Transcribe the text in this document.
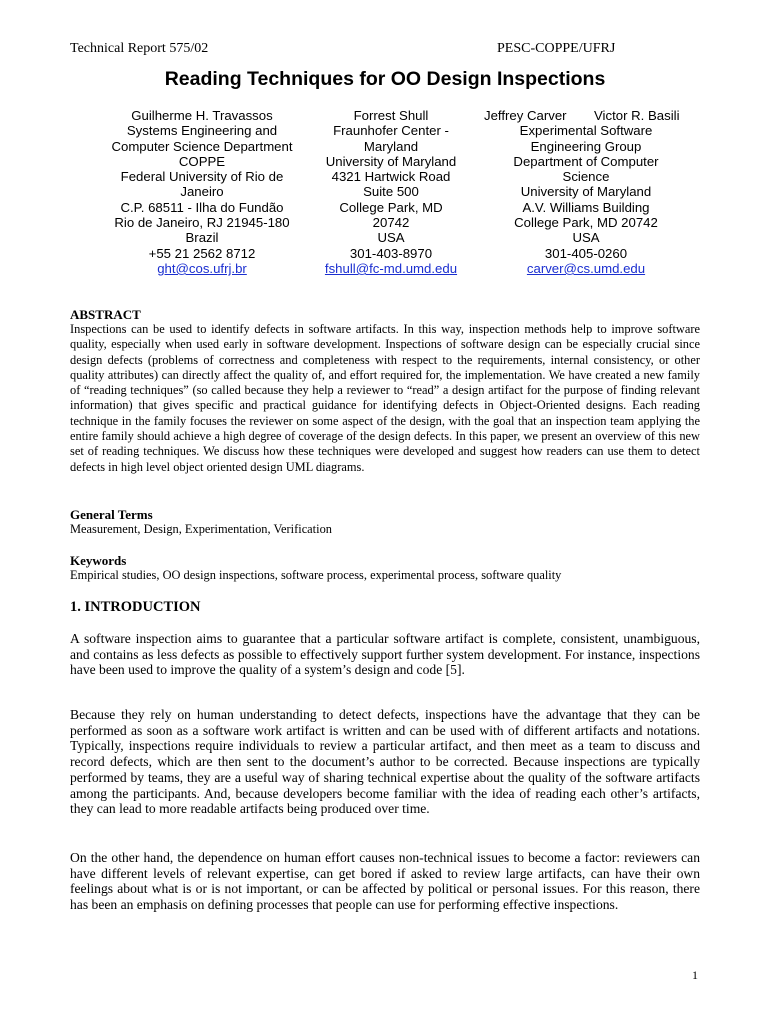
Technical Report 575/02	PESC-COPPE/UFRJ
Reading Techniques for OO Design Inspections
Guilherme H. Travassos
Systems Engineering and
Computer Science Department
COPPE
Federal University of Rio de
Janeiro
C.P. 68511 - Ilha do Fundão
Rio de Janeiro, RJ 21945-180
Brazil
+55 21 2562 8712
ght@cos.ufrj.br
Forrest Shull
Fraunhofer Center -
Maryland
University of Maryland
4321 Hartwick Road
Suite 500
College Park, MD
20742
USA
301-403-8970
fshull@fc-md.umd.edu
Jeffrey Carver Victor R. Basili
Experimental Software
Engineering Group
Department of Computer
Science
University of Maryland
A.V. Williams Building
College Park, MD 20742
USA
301-405-0260
carver@cs.umd.edu
ABSTRACT
Inspections can be used to identify defects in software artifacts. In this way, inspection methods help to improve software quality, especially when used early in software development. Inspections of software design can be especially crucial since design defects (problems of correctness and completeness with respect to the requirements, internal consistency, or other quality attributes) can directly affect the quality of, and effort required for, the implementation. We have created a new family of “reading techniques” (so called because they help a reviewer to “read” a design artifact for the purpose of finding relevant information) that gives specific and practical guidance for identifying defects in Object-Oriented designs. Each reading technique in the family focuses the reviewer on some aspect of the design, with the goal that an inspection team applying the entire family should achieve a high degree of coverage of the design defects. In this paper, we present an overview of this new set of reading techniques. We discuss how these techniques were developed and suggest how readers can use them to detect defects in high level object oriented design UML diagrams.
General Terms
Measurement, Design, Experimentation, Verification
Keywords
Empirical studies, OO design inspections, software process, experimental process, software quality
1. INTRODUCTION
A software inspection aims to guarantee that a particular software artifact is complete, consistent, unambiguous, and contains as less defects as possible to effectively support further system development. For instance, inspections have been used to improve the quality of a system’s design and code [5].
Because they rely on human understanding to detect defects, inspections have the advantage that they can be performed as soon as a software work artifact is written and can be used with of different artifacts and notations. Typically, inspections require individuals to review a particular artifact, and then meet as a team to discuss and record defects, which are then sent to the document’s author to be corrected. Because inspections are typically performed by teams, they are a useful way of sharing technical expertise about the quality of the software artifacts among the participants. And, because developers become familiar with the idea of reading each other’s artifacts, they can lead to more readable artifacts being produced over time.
On the other hand, the dependence on human effort causes non-technical issues to become a factor: reviewers can have different levels of relevant expertise, can get bored if asked to review large artifacts, can have their own feelings about what is or is not important, or can be affected by political or personal issues. For this reason, there has been an emphasis on defining processes that people can use for performing effective inspections.
1
